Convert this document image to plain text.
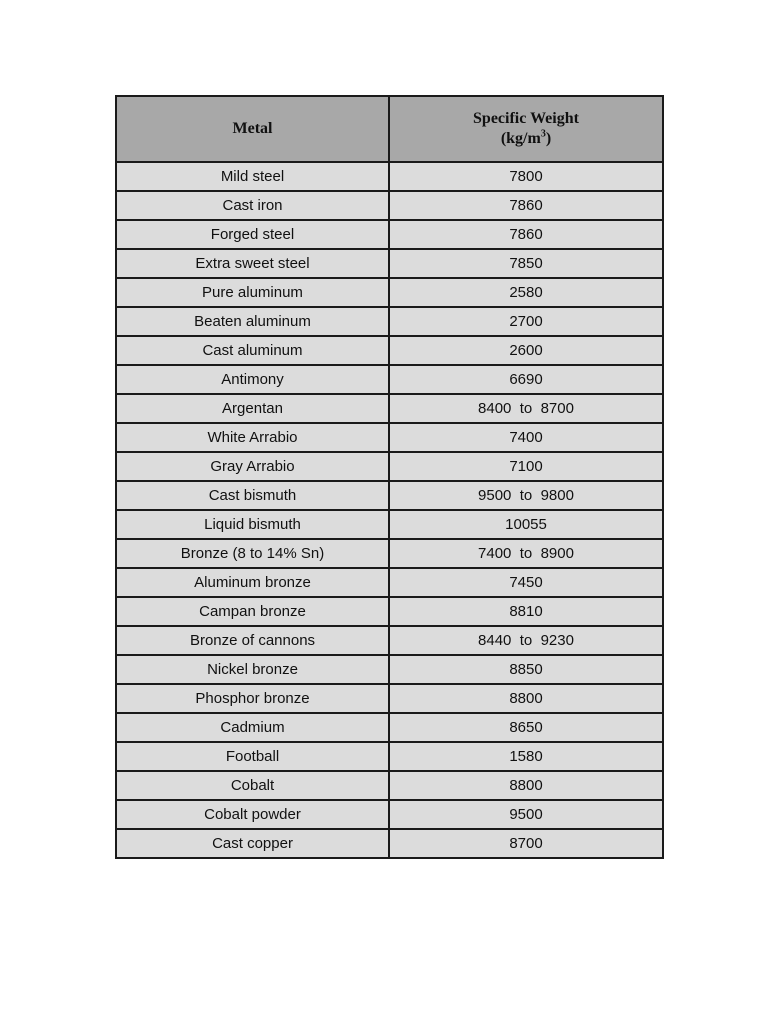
Metal	Specific Weight
$(kg/m^3)$

Mild steel	7800
Cast iron	7860
Forged steel	7860
Extra sweet steel	7850
Pure aluminum	2580
Beaten aluminum	2700
Cast aluminum	2600
Antimony	6690
Argentan	8400  to  8700
White Arrabio	7400
Gray Arrabio	7100
Cast bismuth	9500  to  9800
Liquid bismuth	10055
Bronze (8 to 14% Sn)	7400  to  8900
Aluminum bronze	7450
Campan bronze	8810
Bronze of cannons	8440  to  9230
Nickel bronze	8850
Phosphor bronze	8800
Cadmium	8650
Football	1580
Cobalt	8800
Cobalt powder	9500
Cast copper	8700
